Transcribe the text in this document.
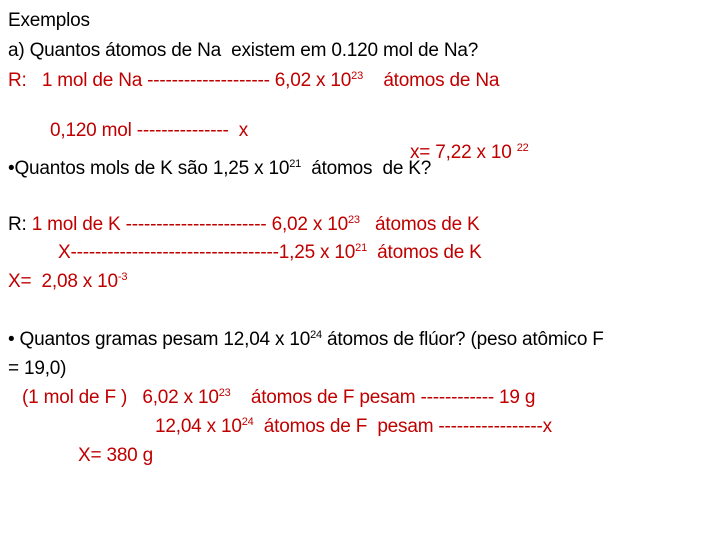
Exemplos
a) Quantos átomos de Na  existem em 0.120 mol de Na?
R:   1 mol de Na -------------------- 6,02 x $10^{23}$    átomos de Na

0,120 mol ---------------  x

x= 7,22 x 10 $^{22}$

•Quantos mols de K são 1,25 x $10^{21}$  átomos  de K?
R: 1 mol de K ----------------------- 6,02 x $10^{23}$   átomos de K
X----------------------------------1,25 x $10^{21}$  átomos de K
X=  2,08 x $10^{-3}$
• Quantos gramas pesam 12,04 x $10^{24}$ átomos de flúor? (peso atômico F
= 19,0)
(1 mol de F )   6,02 x $10^{23}$    átomos de F pesam ------------ 19 g
12,04 x $10^{24}$  átomos de F  pesam -----------------x
X= 380 g
